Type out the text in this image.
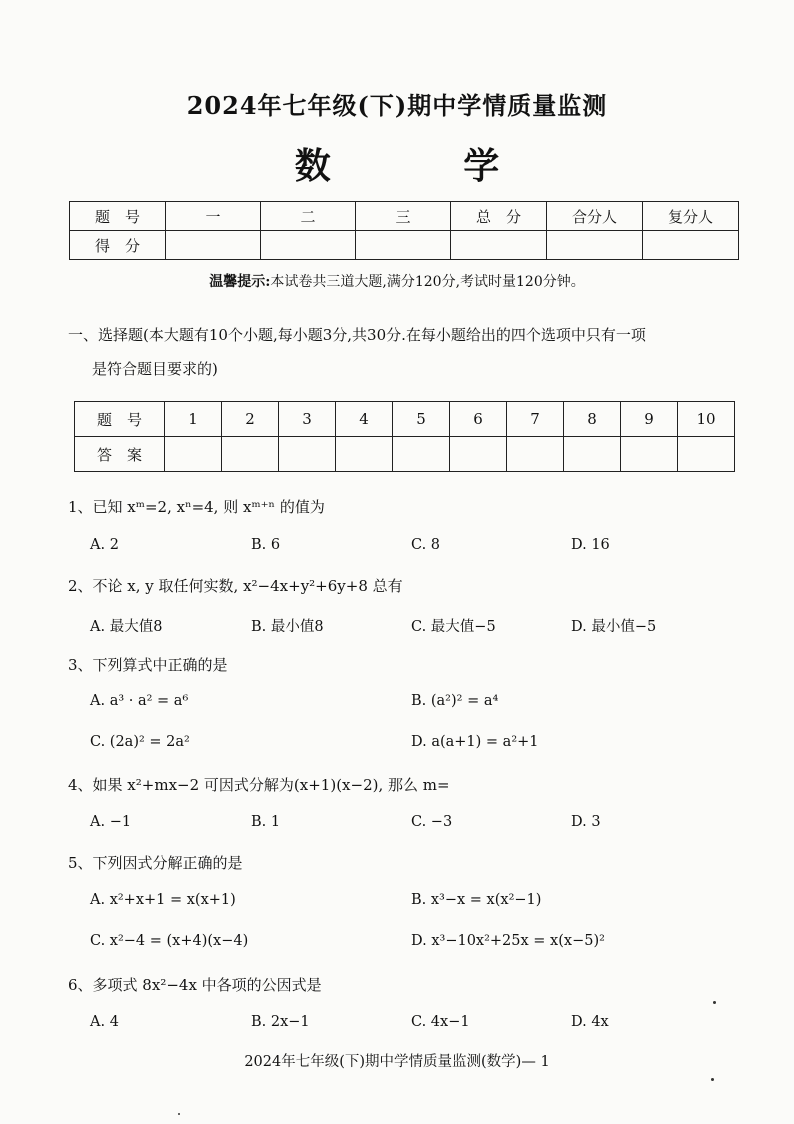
2024年七年级(下)期中学情质量监测
数 学
题　号	一	二	三	总　分	合分人	复分人
得　分						
温馨提示:本试卷共三道大题,满分120分,考试时量120分钟。
一、选择题(本大题有10个小题,每小题3分,共30分.在每小题给出的四个选项中只有一项
是符合题目要求的)
题　号	1	2	3	4	5	6	7	8	9	10
答　案										
1、已知 xᵐ=2, xⁿ=4, 则 xᵐ⁺ⁿ 的值为
A. 2	B. 6	C. 8	D. 16
2、不论 x, y 取任何实数, x²−4x+y²+6y+8 总有
A. 最大值8	B. 最小值8	C. 最大值−5	D. 最小值−5
3、下列算式中正确的是
A. a³ · a² = a⁶	B. (a²)² = a⁴
C. (2a)² = 2a²	D. a(a+1) = a²+1
4、如果 x²+mx−2 可因式分解为(x+1)(x−2), 那么 m=
A. −1	B. 1	C. −3	D. 3
5、下列因式分解正确的是
A. x²+x+1 = x(x+1)	B. x³−x = x(x²−1)
C. x²−4 = (x+4)(x−4)	D. x³−10x²+25x = x(x−5)²
6、多项式 8x²−4x 中各项的公因式是
A. 4	B. 2x−1	C. 4x−1	D. 4x
2024年七年级(下)期中学情质量监测(数学)— 1
